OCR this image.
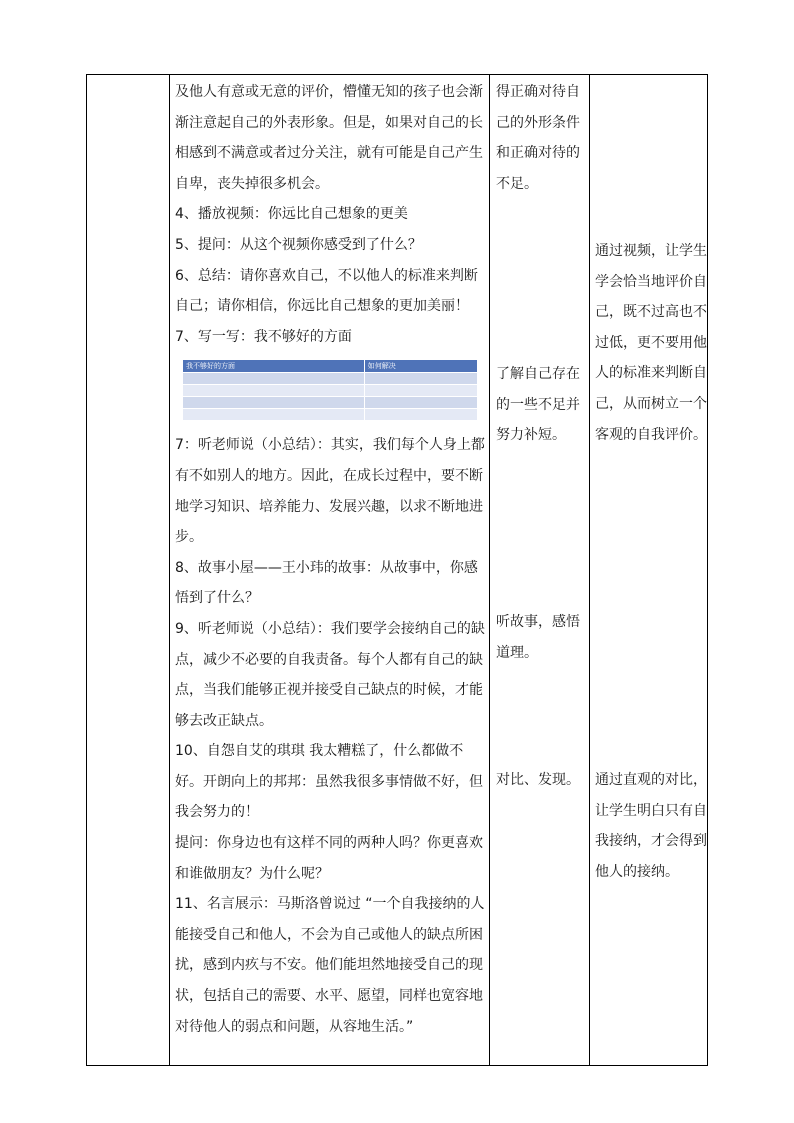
及他人有意或无意的评价，懵懂无知的孩子也会渐渐注意起自己的外表形象。但是，如果对自己的长相感到不满意或者过分关注，就有可能是自己产生自卑，丧失掉很多机会。

4、播放视频：你远比自己想象的更美

5、提问：从这个视频你感受到了什么？

6、总结：请你喜欢自己，不以他人的标准来判断自己；请你相信，你远比自己想象的更加美丽！

7、写一写：我不够好的方面

我不够好的方面	如何解决

7：听老师说（小总结）：其实，我们每个人身上都有不如别人的地方。因此，在成长过程中，要不断地学习知识、培养能力、发展兴趣，以求不断地进步。

8、故事小屋——王小玮的故事：从故事中，你感悟到了什么？

9、听老师说（小总结）：我们要学会接纳自己的缺点，减少不必要的自我责备。每个人都有自己的缺点，当我们能够正视并接受自己缺点的时候，才能够去改正缺点。

10、自怨自艾的琪琪 我太糟糕了，什么都做不好。开朗向上的邦邦：虽然我很多事情做不好，但我会努力的！

提问：你身边也有这样不同的两种人吗？你更喜欢和谁做朋友？为什么呢？

11、名言展示：马斯洛曾说过 “一个自我接纳的人能接受自己和他人，不会为自己或他人的缺点所困扰，感到内疚与不安。他们能坦然地接受自己的现状，包括自己的需要、水平、愿望，同样也宽容地对待他人的弱点和问题，从容地生活。”

得正确对待自己的外形条件和正确对待的不足。
了解自己存在的一些不足并努力补短。
听故事，感悟道理。
对比、发现。
通过视频，让学生学会恰当地评价自己，既不过高也不过低，更不要用他人的标准来判断自己，从而树立一个客观的自我评价。
通过直观的对比，让学生明白只有自我接纳，才会得到他人的接纳。
